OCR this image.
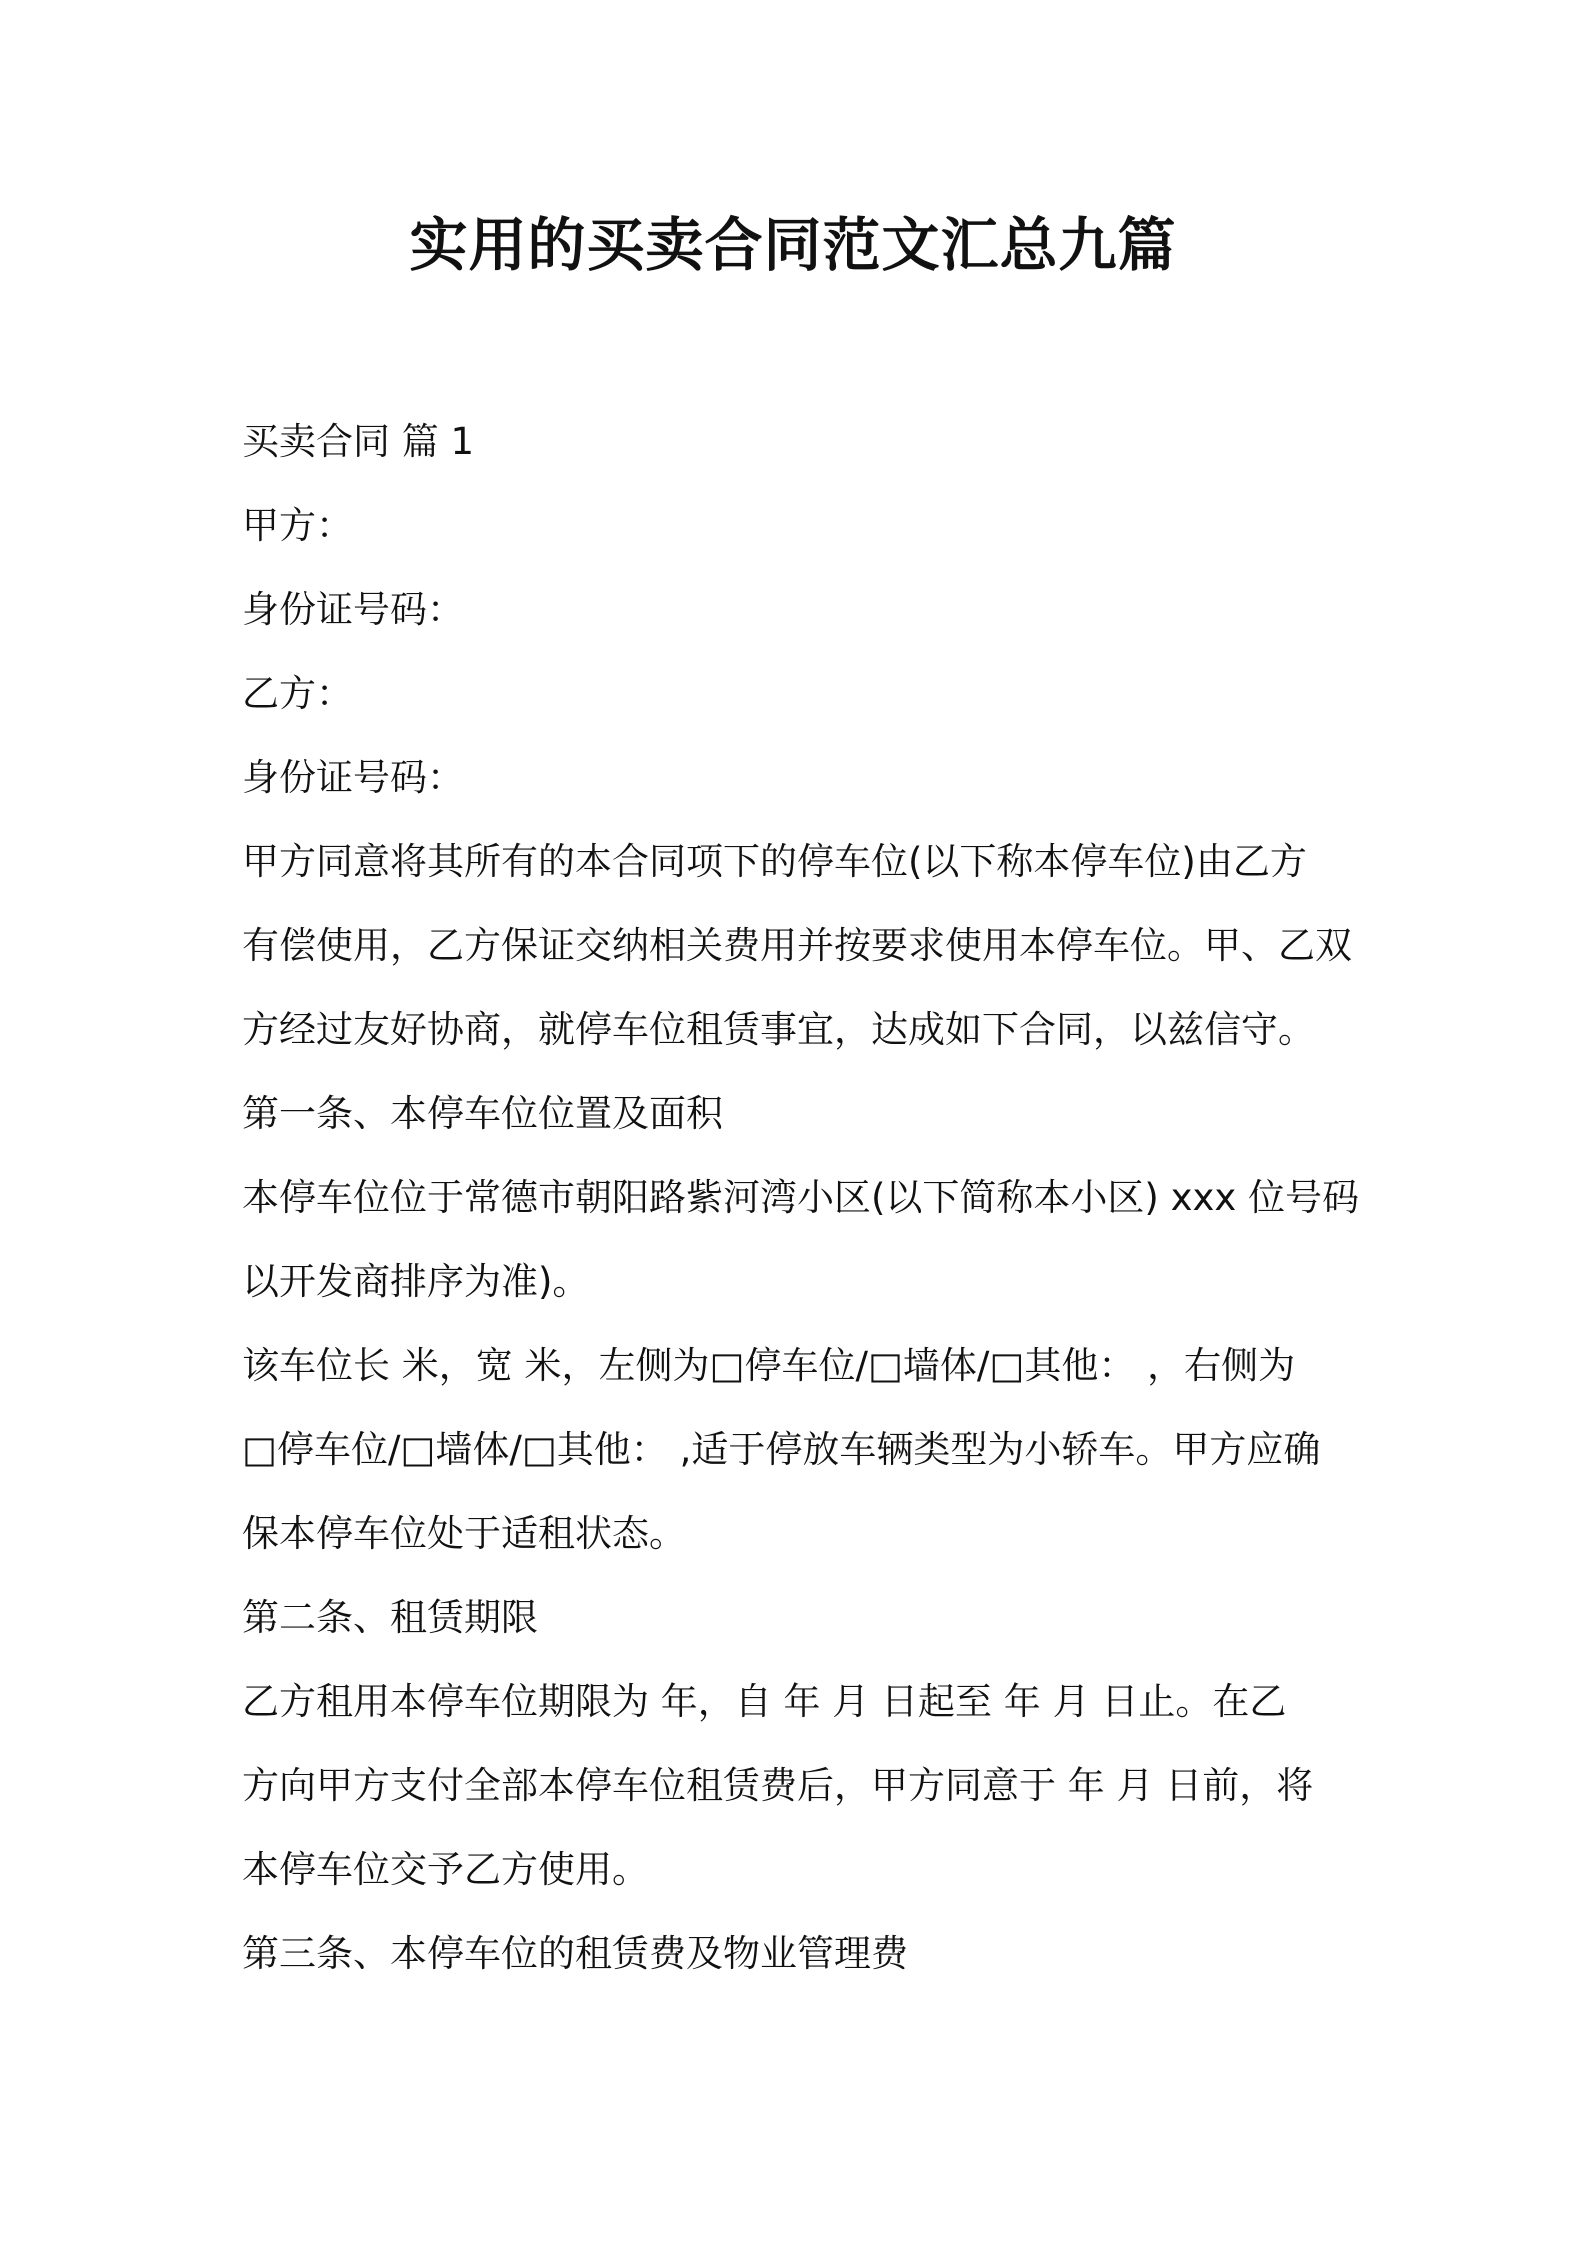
实用的买卖合同范文汇总九篇
买卖合同 篇 1
甲方：
身份证号码：
乙方：
身份证号码：
甲方同意将其所有的本合同项下的停车位(以下称本停车位)由乙方
有偿使用，乙方保证交纳相关费用并按要求使用本停车位。甲、乙双
方经过友好协商，就停车位租赁事宜，达成如下合同，以兹信守。
第一条、本停车位位置及面积
本停车位位于常德市朝阳路紫河湾小区(以下简称本小区) xxx 位号码
以开发商排序为准)。
该车位长 米，宽 米，左侧为□停车位/□墙体/□其他： ，右侧为
□停车位/□墙体/□其他： ,适于停放车辆类型为小轿车。甲方应确
保本停车位处于适租状态。
第二条、租赁期限
乙方租用本停车位期限为 年，自 年 月 日起至 年 月 日止。在乙
方向甲方支付全部本停车位租赁费后，甲方同意于 年 月 日前，将
本停车位交予乙方使用。
第三条、本停车位的租赁费及物业管理费
